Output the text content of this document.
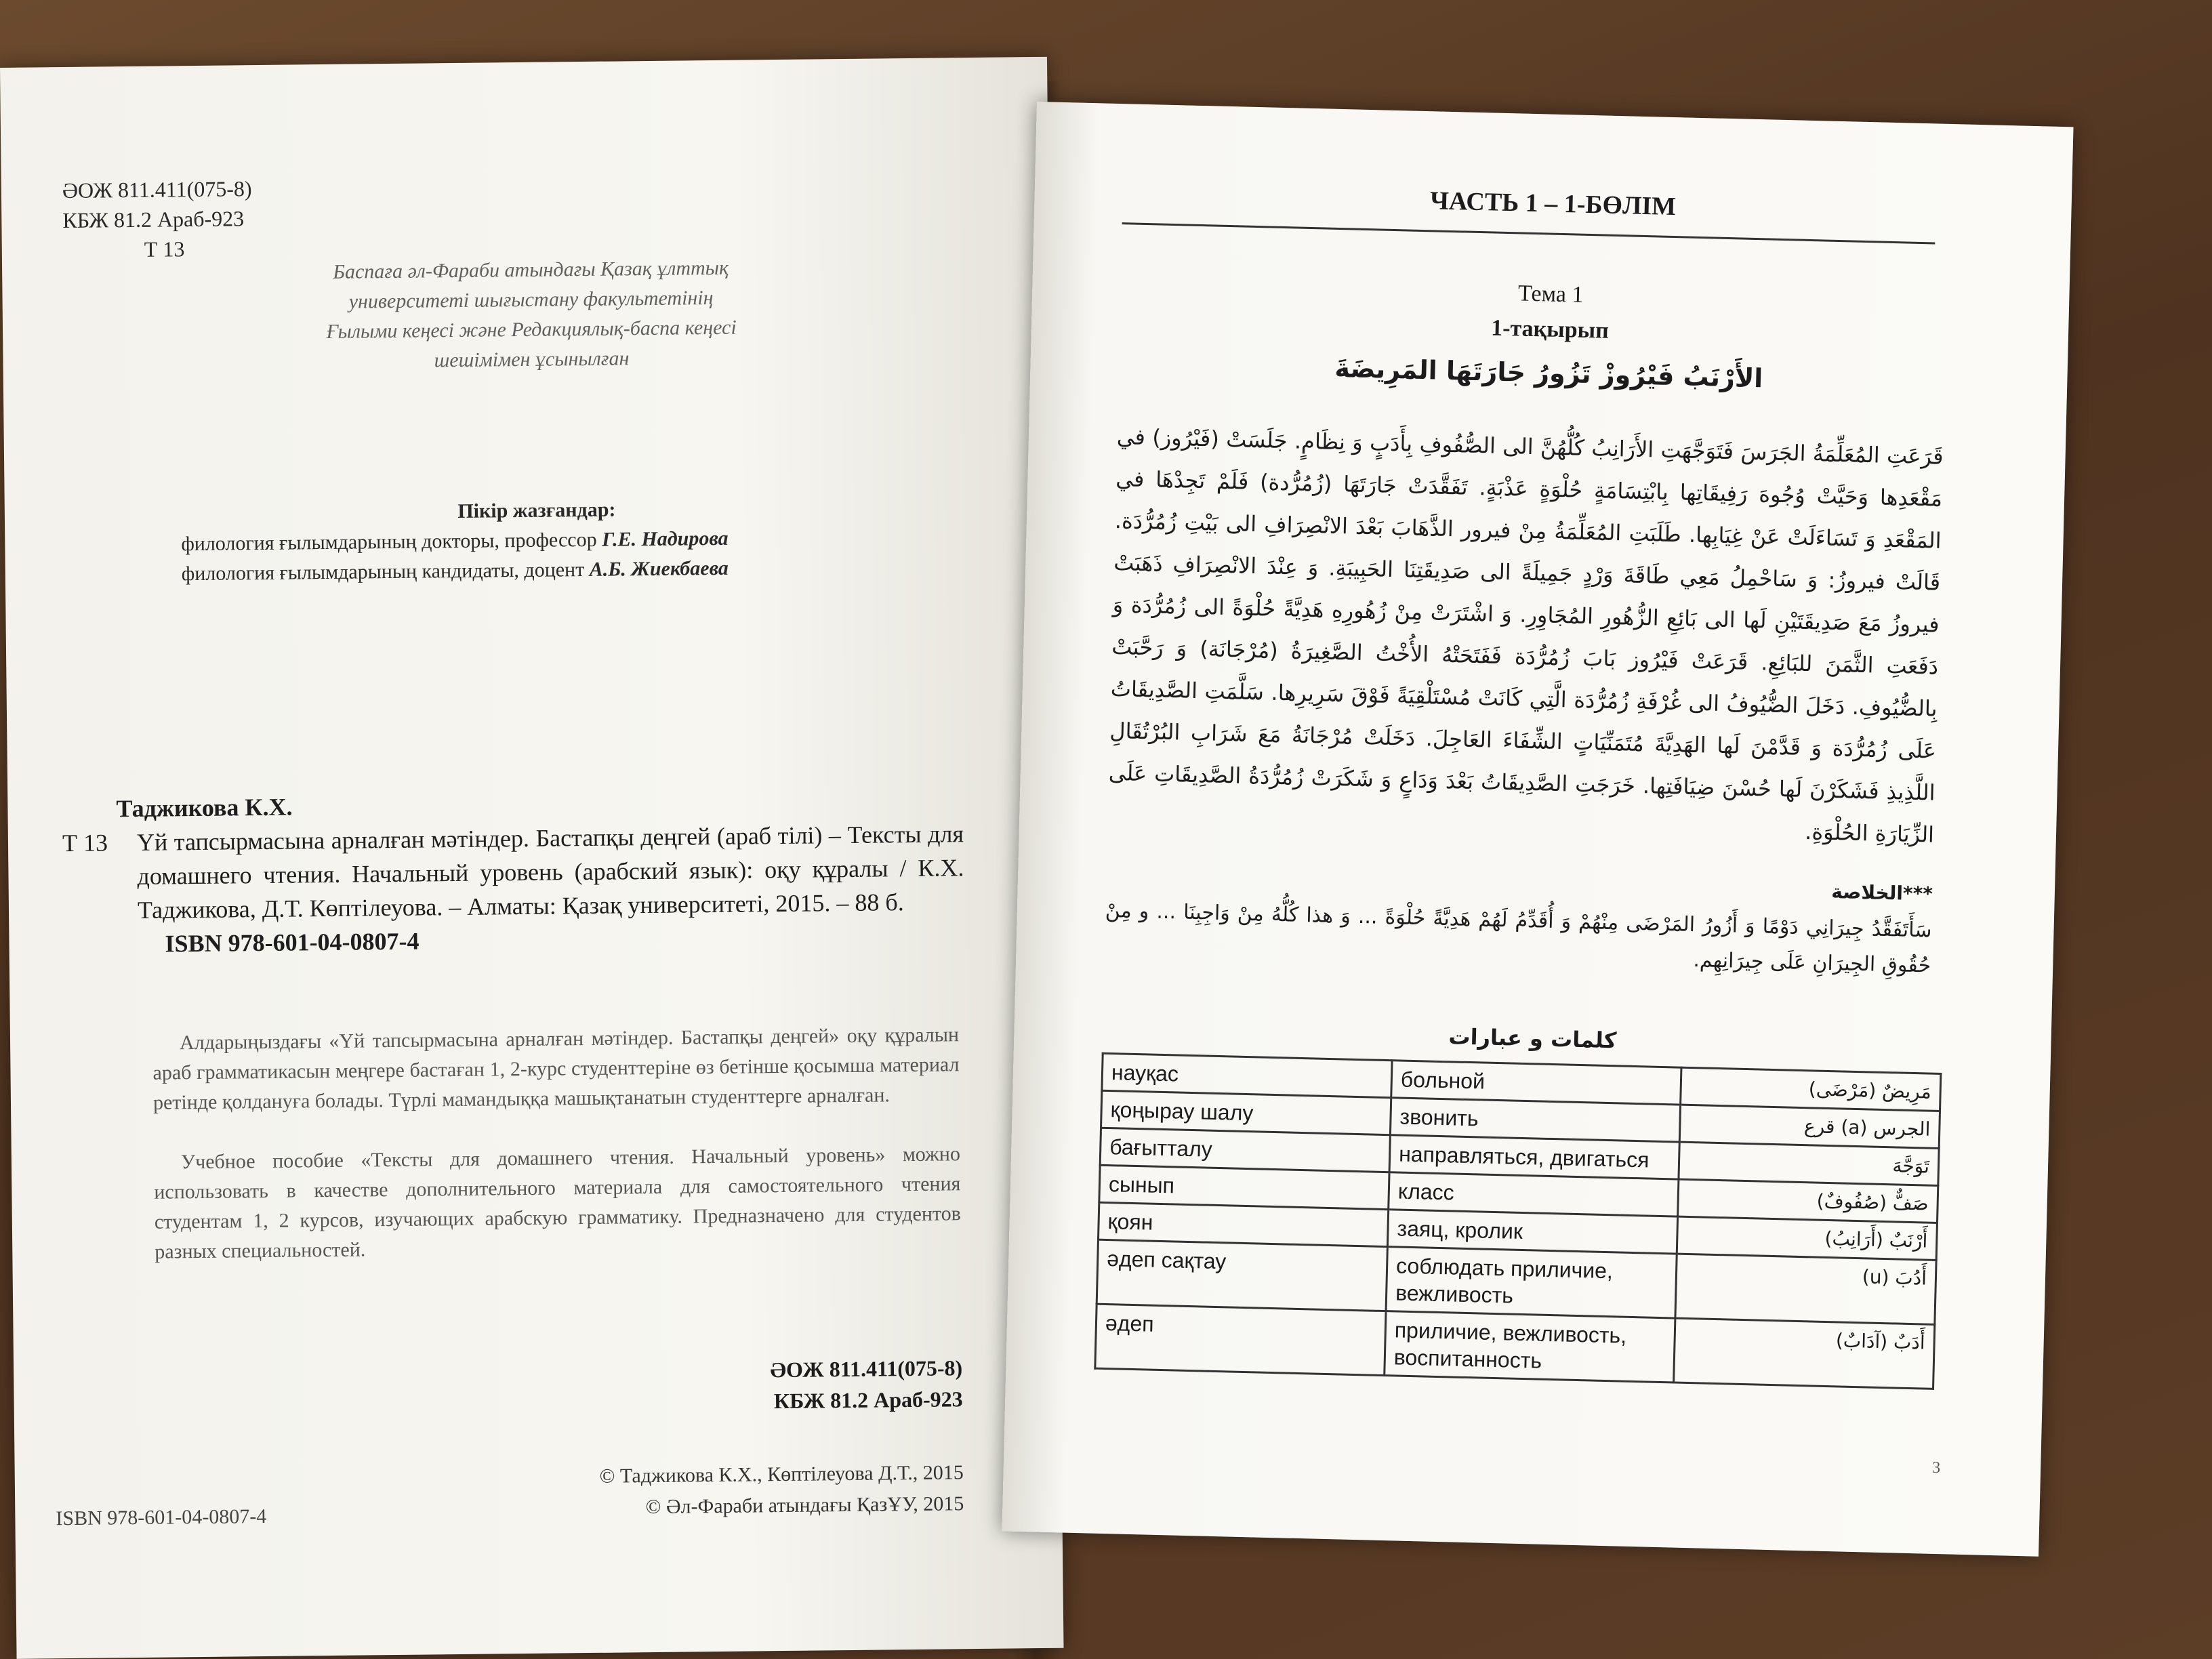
ӘОЖ 811.411(075-8)
КБЖ 81.2 Араб-923
Т 13
Баспаға әл-Фараби атындағы Қазақ ұлттық
университеті шығыстану факультетінің
Ғылыми кеңесі және Редакциялық-баспа кеңесі
шешімімен ұсынылған
Пікір жазғандар:
филология ғылымдарының докторы, профессор Г.Е. Надирова
филология ғылымдарының кандидаты, доцент А.Б. Жиекбаева
Таджикова К.Х.
Т 13	Үй тапсырмасына арналған мәтіндер. Бастапқы деңгей (араб тілі) – Тексты для домашнего чтения. Начальный уровень (арабский язык): оқу құралы / К.Х. Таджикова, Д.Т. Көптілеуова. – Алматы: Қазақ университеті, 2015. – 88 б.
ISBN 978-601-04-0807-4

Алдарыңыздағы «Үй тапсырмасына арналған мәтіндер. Бастапқы деңгей» оқу құралын араб грамматикасын меңгере бастаған 1, 2-курс студенттеріне өз бетінше қосымша материал ретінде қолдануға болады. Түрлі мамандыққа машықтанатын студенттерге арналған.

Учебное пособие «Тексты для домашнего чтения. Начальный уровень» можно использовать в качестве дополнительного материала для самостоятельного чтения студентам 1, 2 курсов, изучающих арабскую грамматику. Предназначено для студентов разных специальностей.

ӘОЖ 811.411(075-8)
КБЖ 81.2 Араб-923
© Таджикова К.Х., Көптілеуова Д.Т., 2015
© Әл-Фараби атындағы ҚазҰУ, 2015
ISBN 978-601-04-0807-4
ЧАСТЬ 1 – 1-БӨЛІМ
Тема 1
1-тақырып
الأَرْنَبُ فَيْرُوزْ تَزُورُ جَارَتَهَا المَرِيضَةَ
قَرَعَتِ المُعَلِّمَةُ الجَرَسَ فَتَوَجَّهَتِ الأَرَانِبُ كُلُّهُنَّ الى الصُّفُوفِ بِأَدَبٍ وَ نِظَامٍ. جَلَسَتْ (فَيْرُوز) في مَقْعَدِها وَحَيَّتْ وُجُوهَ رَفِيقَاتِها بِابْتِسَامَةٍ حُلْوَةٍ عَذْبَةٍ. تَفَقَّدَتْ جَارَتَهَا (زُمُرُّدة) فَلَمْ تَجِدْهَا في المَقْعَدِ وَ تَسَاءَلَتْ عَنْ غِيَابِها. طَلَبَتِ المُعَلِّمَةُ مِنْ فيرور الذَّهَابَ بَعْدَ الانْصِرَافِ الى بَيْتِ زُمُرُّدَة. قَالَتْ فيروزُ: وَ سَاحْمِلُ مَعِي طَاقَةَ وَرْدٍ جَمِيلَةً الى صَدِيقَتِنَا الحَبِيبَةِ. وَ عِنْدَ الانْصِرَافِ ذَهَبَتْ فيروزُ مَعَ صَدِيقَتَيْنِ لَها الى بَائِعِ الزُّهُورِ المُجَاوِرِ. وَ اشْتَرَتْ مِنْ زُهُورِهِ هَدِيَّةً حُلْوَةً الى زُمُرُّدَة وَ دَفَعَتِ الثَّمَنَ للبَائِعِ. قَرَعَتْ فَيْرُوز بَابَ زُمُرُّدَة فَفَتَحَتْهُ الأُخْتُ الصَّغِيرَةُ (مُرْجَانَة) وَ رَحَّبَتْ بِالضُّيُوفِ. دَخَلَ الضُّيُوفُ الى غُرْفَةِ زُمُرُّدَة الَّتِي كَانَتْ مُسْتَلْقِيَةً فَوْقَ سَرِيرِها. سَلَّمَتِ الصَّدِيقَاتُ عَلَى زُمُرُّدَة وَ قَدَّمْنَ لَها الهَدِيَّةَ مُتَمَنِّيَاتٍ الشِّفَاءَ العَاجِلَ. دَخَلَتْ مُرْجَانَةُ مَعَ شَرَابِ البُرْتُقَالِ اللَّذِيذِ فَشَكَرْنَ لَها حُسْنَ ضِيَافَتِها. خَرَجَتِ الصَّدِيقَاتُ بَعْدَ وَدَاعٍ وَ شَكَرَتْ زُمُرُّدَةُ الصَّدِيقَاتِ عَلَى الزِّيَارَةِ الحُلْوَةِ.
***الخلاصة
سَأَتَفَقَّدُ جِيرَانِي دَوْمًا وَ أَزُورُ المَرْضَى مِنْهُمْ وَ أُقَدِّمُ لَهُمْ هَدِيَّةً حُلْوَةً ... وَ هذا كُلُّهُ مِنْ وَاجِبِنَا ... و مِنْ حُقُوقِ الجِيرَانِ عَلَى جِيرَانِهِم.
كلمات و عبارات
науқас	больной	مَرِيضٌ (مَرْضَى)
қоңырау шалу	звонить	الجرس (a) قرع
бағытталу	направляться, двигаться	تَوَجَّهَ
сынып	класс	صَفٌّ (صُفُوفٌ)
қоян	заяц, кролик	أَرْنَبٌ (أَرَانِبُ)
әдеп сақтау	соблюдать приличие, вежливость	أَدُبَ (u)
әдеп	приличие, вежливость, воспитанность	أَدَبٌ (آدَابٌ)
3
